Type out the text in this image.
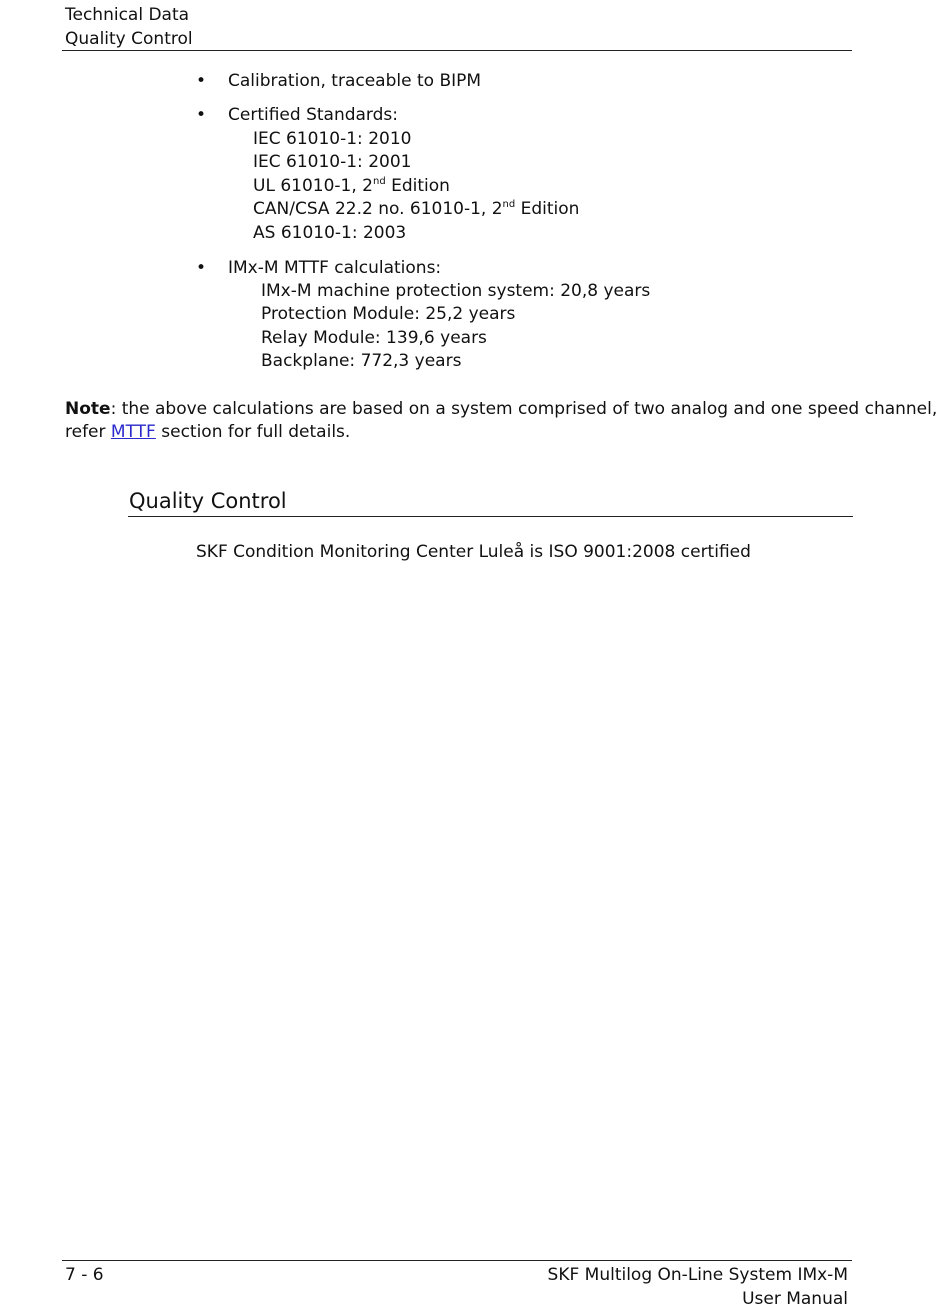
Technical Data
Quality Control
• Calibration, traceable to BIPM
• Certified Standards:
IEC 61010-1: 2010
IEC 61010-1: 2001
UL 61010-1, 2nd Edition
CAN/CSA 22.2 no. 61010-1, 2nd Edition
AS 61010-1: 2003
• IMx-M MTTF calculations:
IMx-M machine protection system: 20,8 years
Protection Module: 25,2 years
Relay Module: 139,6 years
Backplane: 772,3 years
Note: the above calculations are based on a system comprised of two analog and one speed channel,
refer MTTF section for full details.
Quality Control
SKF Condition Monitoring Center Luleå is ISO 9001:2008 certified
7 - 6	SKF Multilog On-Line System IMx-M
User Manual
